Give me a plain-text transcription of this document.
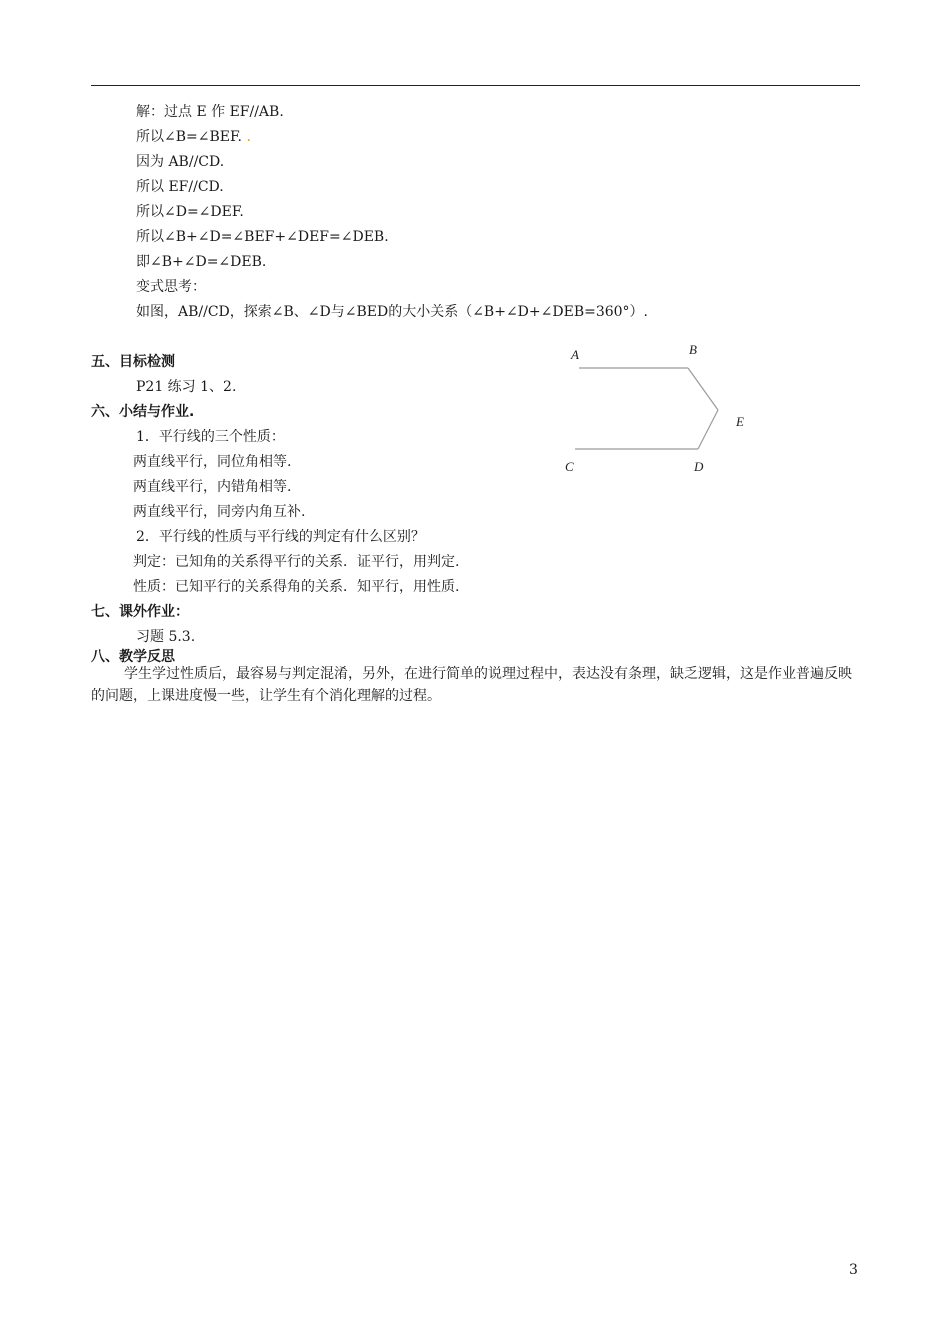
解：过点 E 作 EF//AB.
所以∠B=∠BEF. .
因为 AB//CD.
所以 EF//CD.
所以∠D=∠DEF.
所以∠B+∠D=∠BEF+∠DEF=∠DEB.
即∠B+∠D=∠DEB.
变式思考：
如图，AB//CD，探索∠B、∠D与∠BED的大小关系（∠B+∠D+∠DEB=360°）.
五、目标检测
P21 练习 1、2.
六、小结与作业.
1．平行线的三个性质：
两直线平行，同位角相等.
两直线平行，内错角相等.
两直线平行，同旁内角互补.
2．平行线的性质与平行线的判定有什么区别？
判定：已知角的关系得平行的关系．证平行，用判定.
性质：已知平行的关系得角的关系．知平行，用性质.
七、课外作业：
习题 5.3.
八、教学反思
学生学过性质后，最容易与判定混淆，另外，在进行简单的说理过程中，表达没有条理，缺乏逻辑，这是作业普遍反映的问题，上课进度慢一些，让学生有个消化理解的过程。
A	B
E
C	D
3
